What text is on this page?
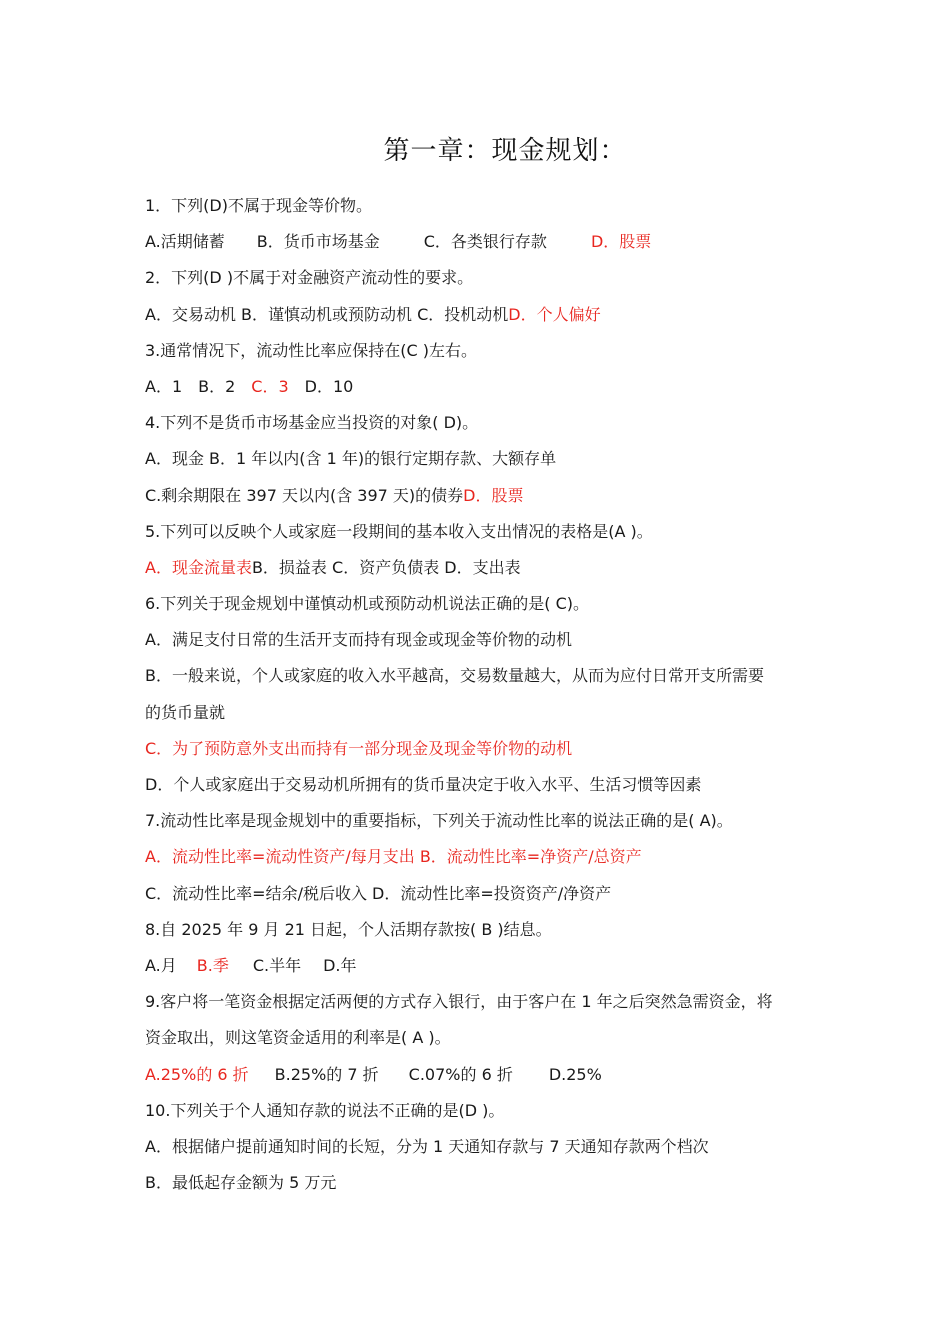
第一章：现金规划：
1．下列(D)不属于现金等价物。
A.活期储蓄 B．货币市场基金	C．各类银行存款	D．股票
2．下列(D )不属于对金融资产流动性的要求。
A．交易动机 B．谨慎动机或预防动机 C．投机动机D．个人偏好
3.通常情况下，流动性比率应保持在(C )左右。
A．1　B．2　C．3　D．10
4.下列不是货币市场基金应当投资的对象( D)。
A．现金 B．1 年以内(含 1 年)的银行定期存款、大额存单
C.剩余期限在 397 天以内(含 397 天)的债券D．股票
5.下列可以反映个人或家庭一段期间的基本收入支出情况的表格是(A )。
A．现金流量表B．损益表 C．资产负债表 D．支出表
6.下列关于现金规划中谨慎动机或预防动机说法正确的是( C)。
A．满足支付日常的生活开支而持有现金或现金等价物的动机
B．一般来说，个人或家庭的收入水平越高，交易数量越大，从而为应付日常开支所需要
的货币量就
C．为了预防意外支出而持有一部分现金及现金等价物的动机
D．个人或家庭出于交易动机所拥有的货币量决定于收入水平、生活习惯等因素
7.流动性比率是现金规划中的重要指标，下列关于流动性比率的说法正确的是( A)。
A．流动性比率=流动性资产/每月支出 B．流动性比率=净资产/总资产
C．流动性比率=结余/税后收入 D．流动性比率=投资资产/净资产
8.自 2025 年 9 月 21 日起，个人活期存款按( B )结息。
A.月 B.季 C.半年 D.年
9.客户将一笔资金根据定活两便的方式存入银行，由于客户在 1 年之后突然急需资金，将
资金取出，则这笔资金适用的利率是( A )。
A.25%的 6 折 B.25%的 7 折 C.07%的 6 折 D.25%
10.下列关于个人通知存款的说法不正确的是(D )。
A．根据储户提前通知时间的长短，分为 1 天通知存款与 7 天通知存款两个档次
B．最低起存金额为 5 万元
